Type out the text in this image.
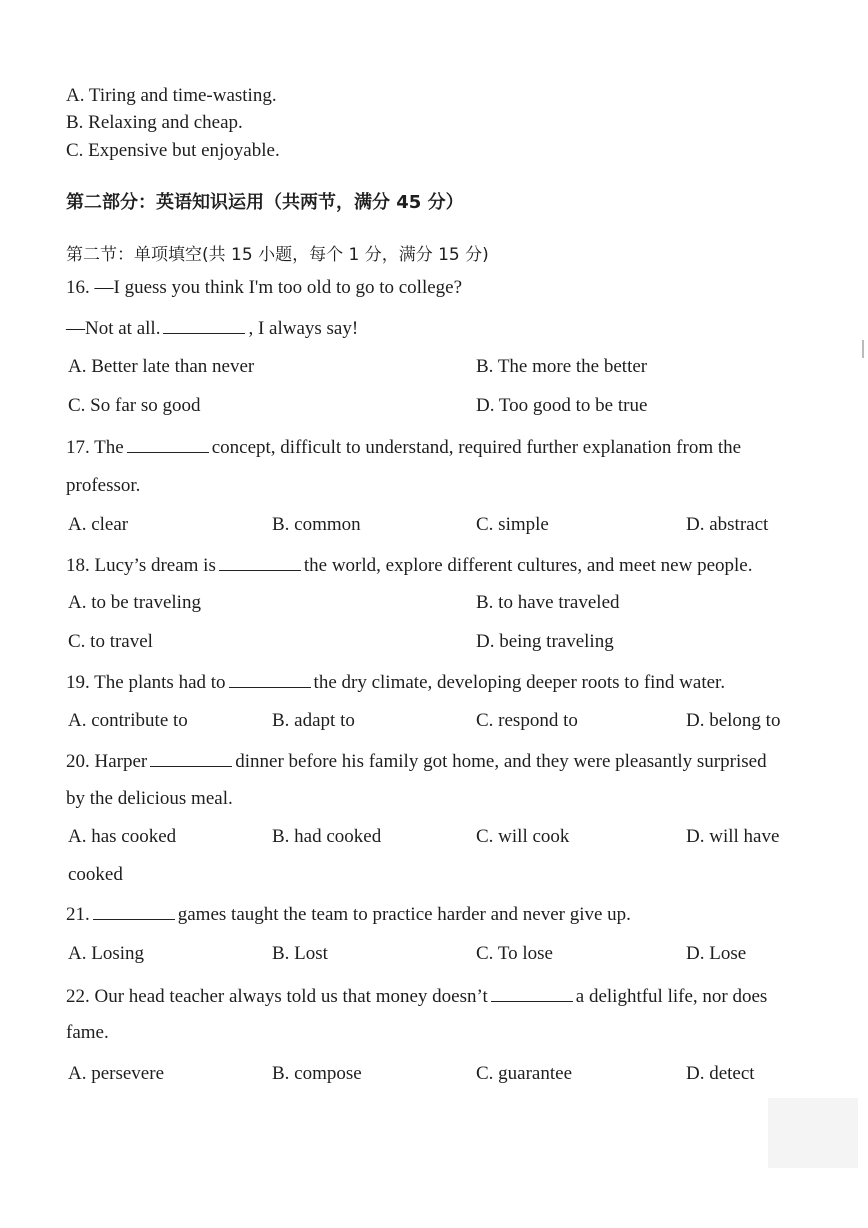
A. Tiring and time-wasting.
B. Relaxing and cheap.
C. Expensive but enjoyable.
第二部分：英语知识运用（共两节，满分 45 分）
第二节：单项填空(共 15 小题，每个 1 分，满分 15 分)
16. —I guess you think I'm too old to go to college?
—Not at all.	, I always say!
A. Better late than never	B. The more the better
C. So far so good	D. Too good to be true
17. The	concept, difficult to understand, required further explanation from the
professor.
A. clear	B. common	C. simple	D. abstract
18. Lucy’s dream is	the world, explore different cultures, and meet new people.
A. to be traveling	B. to have traveled
C. to travel	D. being traveling
19. The plants had to	the dry climate, developing deeper roots to find water.
A. contribute to	B. adapt to	C. respond to	D. belong to
20. Harper	dinner before his family got home, and they were pleasantly surprised
by the delicious meal.
A. has cooked	B. had cooked	C. will cook	D. will have
cooked
21.	games taught the team to practice harder and never give up.
A. Losing	B. Lost	C. To lose	D. Lose
22. Our head teacher always told us that money doesn’t	a delightful life, nor does
fame.
A. persevere	B. compose	C. guarantee	D. detect
